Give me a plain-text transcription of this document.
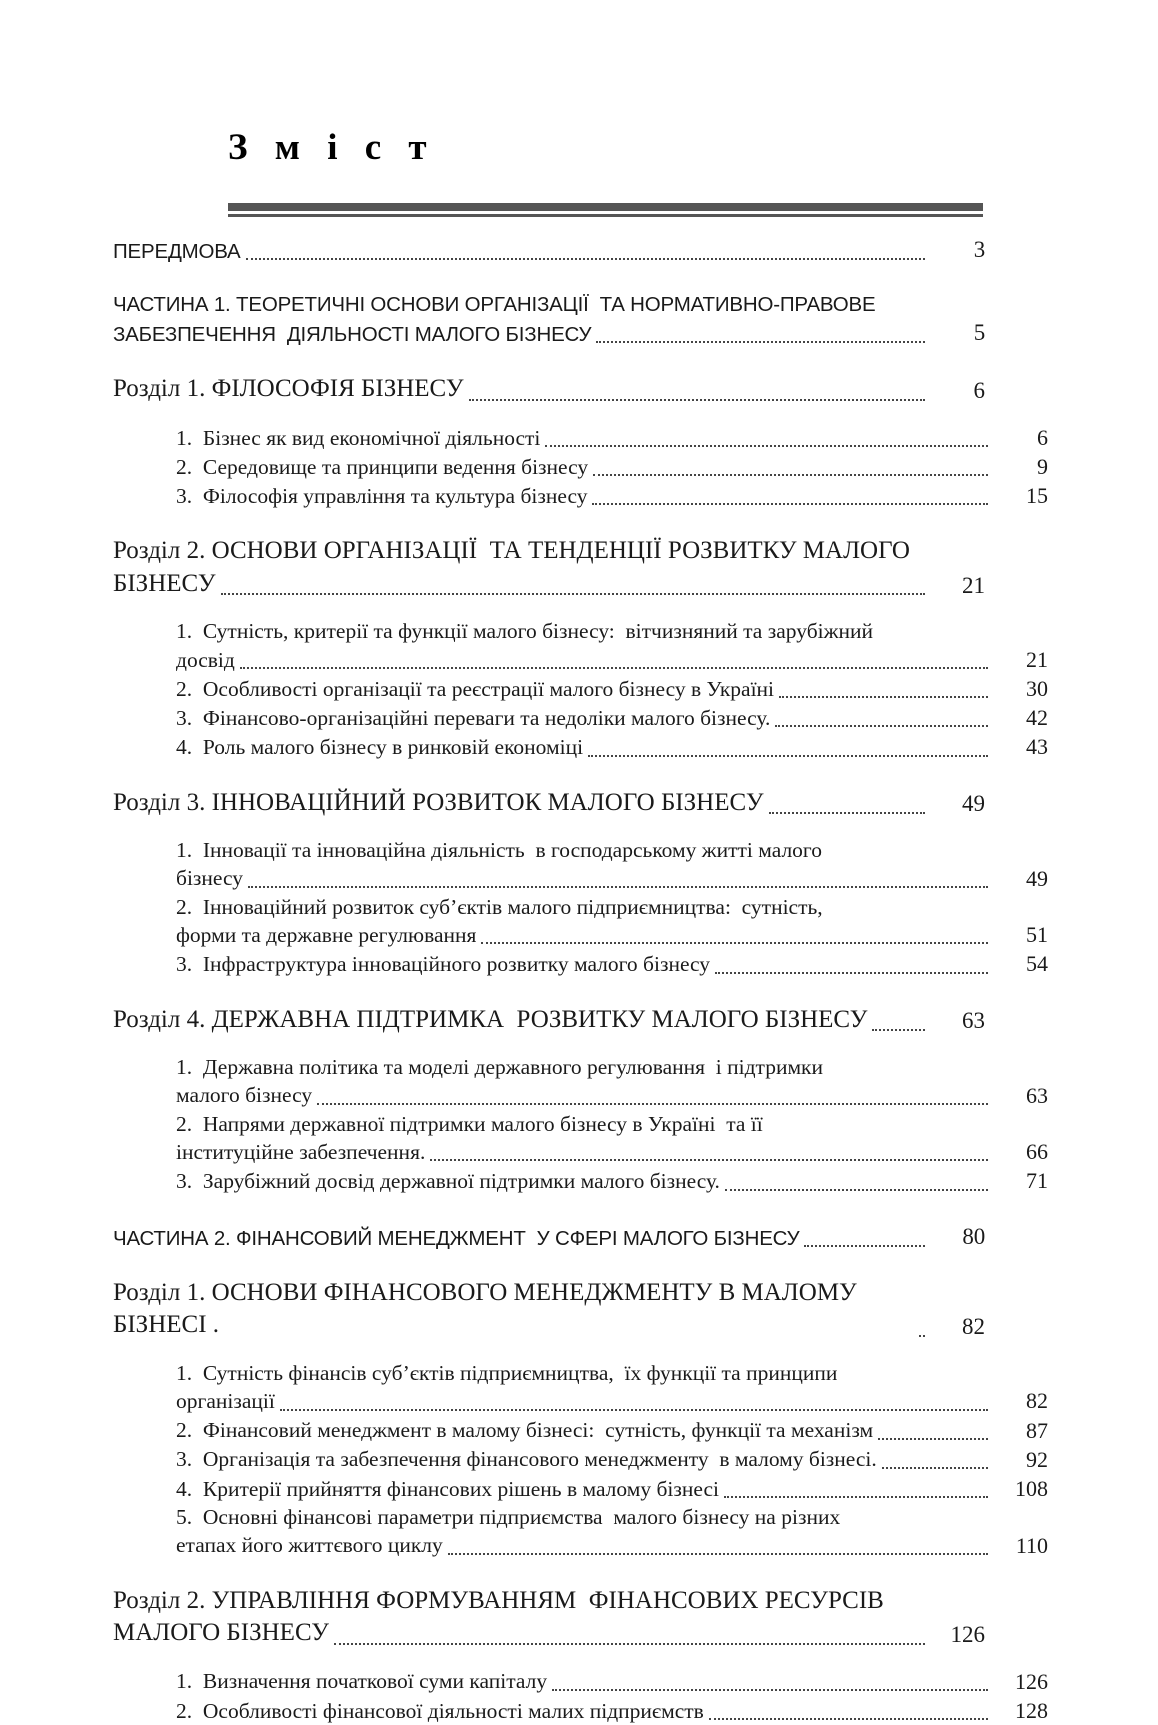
З м і с т
ПЕРЕДМОВА	3
ЧАСТИНА 1. ТЕОРЕТИЧНІ ОСНОВИ ОРГАНІЗАЦІЇ  ТА НОРМАТИВНО-ПРАВОВЕ
ЗАБЕЗПЕЧЕННЯ  ДІЯЛЬНОСТІ МАЛОГО БІЗНЕСУ	5
Розділ 1. ФІЛОСОФІЯ БІЗНЕСУ	6
1.  Бізнес як вид економічної діяльності	6
2.  Середовище та принципи ведення бізнесу	9
3.  Філософія управління та культура бізнесу	15
Розділ 2. ОСНОВИ ОРГАНІЗАЦІЇ  ТА ТЕНДЕНЦІЇ РОЗВИТКУ МАЛОГО
БІЗНЕСУ	21
1.  Сутність, критерії та функції малого бізнесу:  вітчизняний та зарубіжний
досвід	21
2.  Особливості організації та реєстрації малого бізнесу в Україні	30
3.  Фінансово-організаційні переваги та недоліки малого бізнесу.	42
4.  Роль малого бізнесу в ринковій економіці	43
Розділ 3. ІННОВАЦІЙНИЙ РОЗВИТОК МАЛОГО БІЗНЕСУ	49
1.  Інновації та інноваційна діяльність  в господарському житті малого
бізнесу	49
2.  Інноваційний розвиток суб’єктів малого підприємництва:  сутність,
форми та державне регулювання	51
3.  Інфраструктура інноваційного розвитку малого бізнесу	54
Розділ 4. ДЕРЖАВНА ПІДТРИМКА  РОЗВИТКУ МАЛОГО БІЗНЕСУ	63
1.  Державна політика та моделі державного регулювання  і підтримки
малого бізнесу	63
2.  Напрями державної підтримки малого бізнесу в Україні  та її
інституційне забезпечення.	66
3.  Зарубіжний досвід державної підтримки малого бізнесу.	71
ЧАСТИНА 2. ФІНАНСОВИЙ МЕНЕДЖМЕНТ  У СФЕРІ МАЛОГО БІЗНЕСУ	80
Розділ 1. ОСНОВИ ФІНАНСОВОГО МЕНЕДЖМЕНТУ В МАЛОМУ БІЗНЕСІ .	82
1.  Сутність фінансів суб’єктів підприємництва,  їх функції та принципи
організації	82
2.  Фінансовий менеджмент в малому бізнесі:  сутність, функції та механізм	87
3.  Організація та забезпечення фінансового менеджменту  в малому бізнесі.	92
4.  Критерії прийняття фінансових рішень в малому бізнесі	108
5.  Основні фінансові параметри підприємства  малого бізнесу на різних
етапах його життєвого циклу	110
Розділ 2. УПРАВЛІННЯ ФОРМУВАННЯМ  ФІНАНСОВИХ РЕСУРСІВ
МАЛОГО БІЗНЕСУ	126
1.  Визначення початкової суми капіталу	126
2.  Особливості фінансової діяльності малих підприємств	128
